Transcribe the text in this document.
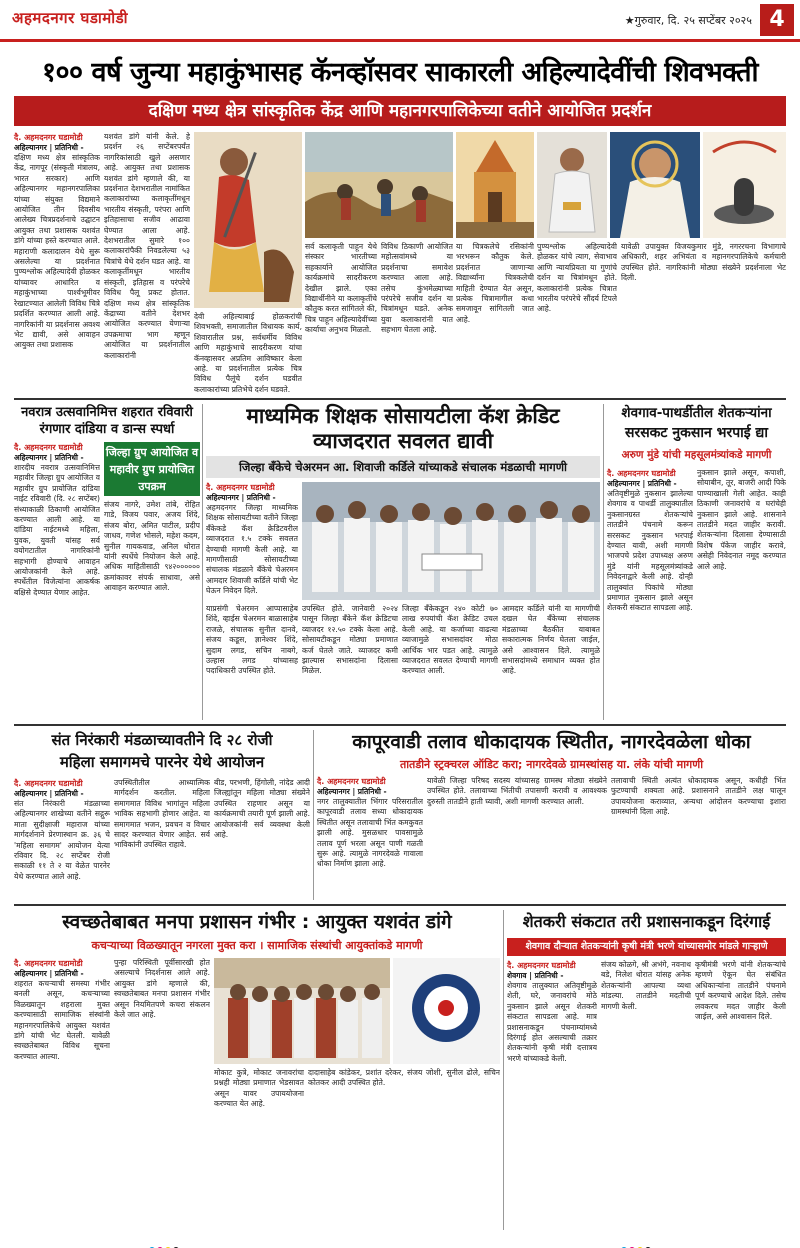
अहमदनगर घडामोडी	★गुरुवार, दि. २५ सप्टेंबर २०२५ 4
१०० वर्ष जुन्या महाकुंभासह कॅनव्हॉसवर साकारली अहिल्यादेवींची शिवभक्ती
दक्षिण मध्य क्षेत्र सांस्कृतिक केंद्र आणि महानगरपालिकेच्या वतीने आयोजित प्रदर्शन
दै. अहमदनगर घडामोडी
अहिल्यानगर | प्रतिनिधी -
दक्षिण मध्य क्षेत्र सांस्कृतिक केंद्र, नागपूर (संस्कृती मंत्रालय, भारत सरकार) आणि अहिल्यानगर महानगरपालिका यांच्या संयुक्त विद्यमाने आयोजित तीन दिवसीय आलेख्य चित्रप्रदर्शनाचे उद्घाटन आयुक्त तथा प्रशासक यशवंत डांगे यांच्या हस्ते करण्यात आले. महाराणी कलादालन येथे सुरू असलेल्या या प्रदर्शनात पुण्यश्लोक अहिल्यादेवी होळकर यांच्यावर आधारित व महाकुंभाच्या पार्श्वभूमीवर रेखाटण्यात आलेली विविध चित्रे प्रदर्शित करण्यात आली आहे. नागरिकांनी या प्रदर्शनास अवश्य भेट द्यावी, असे आवाहन आयुक्त तथा प्रशासक
यशवंत डांगे यांनी केले. हे प्रदर्शन २६ सप्टेंबरपर्यंत नागरिकांसाठी खुले असणार आहे. आयुक्त तथा प्रशासक यशवंत डांगे म्हणाले की, या प्रदर्शनात देशभरातील नामांकित कलाकारांच्या कलाकृतींमधून भारतीय संस्कृती, परंपरा आणि इतिहासाचा सजीव आढावा घेण्यात आला आहे. देशभरातील सुमारे १०० कलाकारांपैकी निवडलेल्या ५३ चित्रांचे येथे दर्शन घडत आहे. या कलाकृतींमधून भारतीय संस्कृती, इतिहास व परंपरेचे विविध पैलू प्रकट होतात. दक्षिण मध्य क्षेत्र सांस्कृतिक केंद्राच्या वतीने देशभर आयोजित करण्यात येणाऱ्या उपक्रमाचा भाग म्हणून आयोजित या प्रदर्शनातील कलाकारांनी
देवी अहिल्याबाई होळकरांची शिवभक्ती, समाजातील विधायक कार्य, शिवारातील प्रश्न, सर्वधर्मीय विविध आणि महाकुंभाचे सादरीकरण यांचा कॅनव्हासवर अप्रतिम आविष्कार केला आहे. या प्रदर्शनातील प्रत्येक चित्र विविध पैलूंचे दर्शन घडवीत कलाकारांच्या प्रतिभेचे दर्शन घडवते.
सर्व कलाकृती पाहून येथे संस्कार भारतीच्या सहकार्याने आयोजित कार्यक्रमांचे सादरीकरण देखील झाले. एका विद्यार्थीनीने या कलाकृतींचे कौतुक करत सांगितले की, चित्र पाहून अहिल्यादेवींच्या कार्याचा अनुभव मिळतो.
विविध ठिकाणी आयोजित महोत्सवांमध्ये या प्रदर्शनाचा समावेश करण्यात आला आहे. तसेच कुंभमेळ्याच्या परंपरेचे सजीव दर्शन या चित्रांमधून घडते. अनेक युवा कलाकारांनी यात सहभाग घेतला आहे.
या चित्रकलेचे रसिकांनी भरभरून कौतुक केले. प्रदर्शनात जाणाऱ्या विद्यार्थ्यांना चित्रकलेची माहिती देण्यात येत असून, प्रत्येक चित्रामागील कथा समजावून सांगितली जात आहे.
पुण्यश्लोक अहिल्यादेवी होळकर यांचे त्याग, सेवाभाव आणि न्यायप्रियता या गुणांचे दर्शन या चित्रांमधून होते. कलाकारांनी प्रत्येक चित्रात भारतीय परंपरेचे सौंदर्य टिपले आहे.
यावेळी उपायुक्त विजयकुमार मुंडे, नगररचना विभागाचे अधिकारी, शहर अभियंता व महानगरपालिकेचे कर्मचारी उपस्थित होते. नागरिकांनी मोठ्या संख्येने प्रदर्शनाला भेट दिली.
नवरात्र उत्सवानिमित्त शहरात रविवारी रंगणार दांडिया व डान्स स्पर्धा
जिल्हा ग्रुप आयोजित व महावीर ग्रुप प्रायोजित उपक्रम
दै. अहमदनगर घडामोडी
अहिल्यानगर | प्रतिनिधी -
शारदीय नवरात्र उत्सवानिमित्त महावीर जिल्हा ग्रुप आयोजित व महावीर ग्रुप प्रायोजित दांडिया नाईट रविवारी (दि. २८ सप्टेंबर) संध्याकाळी ठिकाणी आयोजित करण्यात आली आहे. या दांडिया नाईटमध्ये महिला, युवक, युवती यांसह सर्व वयोगटातील नागरिकांनी सहभागी होण्याचे आवाहन आयोजकांनी केले आहे. स्पर्धेतील विजेत्यांना आकर्षक बक्षिसे देण्यात येणार आहेत.
संजय नागरे, उमेश तांबे, रोहित गाडे, विजय पवार, अजय शिंदे, संजय बोरा, अमित पाटील, प्रदीप जाधव, गणेश भोसले, महेश कदम, सुनील गायकवाड, अनिल थोरात यांनी स्पर्धेचे नियोजन केले आहे. अधिक माहितीसाठी ९४२०००००० क्रमांकावर संपर्क साधावा, असे आवाहन करण्यात आले.
माध्यमिक शिक्षक सोसायटीला कॅश क्रेडिट व्याजदरात सवलत द्यावी
जिल्हा बँकेचे चेअरमन आ. शिवाजी कर्डिले यांच्याकडे संचालक मंडळाची मागणी
दै. अहमदनगर घडामोडी
अहिल्यानगर | प्रतिनिधी -
अहमदनगर जिल्हा माध्यमिक शिक्षक सोसायटीच्या वतीने जिल्हा बँकेकडे कॅश क्रेडिटवरील व्याजदरात १.५ टक्के सवलत देण्याची मागणी केली आहे. या मागणीसाठी सोसायटीच्या संचालक मंडळाने बँकेचे चेअरमन आमदार शिवाजी कर्डिले यांची भेट घेऊन निवेदन दिले.
याप्रसंगी चेअरमन आप्पासाहेब शिंदे, व्हाईस चेअरमन बाळासाहेब राजळे, संचालक सुनील दानवे, संजय कडूस, ज्ञानेश्वर शिंदे, सुदाम लगड, सचिन नाबगे, उल्हास लगड यांच्यासह पदाधिकारी उपस्थित होते.
उपस्थित होते. जानेवारी २०२४ पासून जिल्हा बँकेने कॅश क्रेडिटचा व्याजदर १२.५० टक्के केला आहे. सोसायटीकडून मोठ्या प्रमाणात कर्ज घेतले जाते. व्याजदर कमी झाल्यास सभासदांना दिलासा मिळेल.
जिल्हा बँकेकडून २४० कोटी ७० लाख रुपयांची कॅश क्रेडिट उचल केली आहे. या कर्जाच्या वाढत्या व्याजामुळे सभासदांवर मोठा आर्थिक भार पडत आहे. त्यामुळे व्याजदरात सवलत देण्याची मागणी करण्यात आली.
आमदार कर्डिले यांनी या मागणीची दखल घेत बँकेच्या संचालक मंडळाच्या बैठकीत याबाबत सकारात्मक निर्णय घेतला जाईल, असे आश्वासन दिले. त्यामुळे सभासदांमध्ये समाधान व्यक्त होत आहे.
शेवगाव-पाथर्डीतील शेतकऱ्यांना
सरसकट नुकसान भरपाई द्या
अरुण मुंडे यांची महसूलमंत्र्यांकडे मागणी
दै. अहमदनगर घडामोडी
अहिल्यानगर | प्रतिनिधी -
अतिवृष्टीमुळे नुकसान झालेल्या शेवगाव व पाथर्डी तालुक्यातील नुकसानग्रस्त शेतकऱ्यांचे तातडीने पंचनामे करून सरसकट नुकसान भरपाई देण्यात यावी, अशी मागणी भाजपचे प्रदेश उपाध्यक्ष अरुण मुंडे यांनी महसूलमंत्र्यांकडे निवेदनाद्वारे केली आहे. दोन्ही तालुक्यांत पिकांचे मोठ्या प्रमाणात नुकसान झाले असून शेतकरी संकटात सापडला आहे.
नुकसान झाले असून, कपाशी, सोयाबीन, तूर, बाजरी आदी पिके पाण्याखाली गेली आहेत. काही ठिकाणी जनावरांचे व घरांचेही नुकसान झाले आहे. शासनाने तातडीने मदत जाहीर करावी. शेतकऱ्यांना दिलासा देण्यासाठी विशेष पॅकेज जाहीर करावे, असेही निवेदनात नमूद करण्यात आले आहे.
संत निरंकारी मंडळाच्यावतीने दि २८ रोजी
महिला समागमचे पारनेर येथे आयोजन
दै. अहमदनगर घडामोडी
अहिल्यानगर | प्रतिनिधी -
संत निरंकारी मंडळाच्या अहिल्यानगर शाखेच्या वतीने सद्गुरू माता सुदीक्षाजी महाराज यांच्या मार्गदर्शनाने प्रेरणास्थान क्र. ३६ चे 'महिला समागम' आयोजन येत्या रविवार दि. २८ सप्टेंबर रोजी सकाळी ११ ते २ या वेळेत पारनेर येथे करण्यात आले आहे.
उपस्थितीतील आध्यात्मिक मार्गदर्शन करतील. महिला समागमात विविध भागांतून महिला भाविक सहभागी होणार आहेत. या समागमात भजन, प्रवचन व विचार सादर करण्यात येणार आहेत. सर्व भाविकांनी उपस्थित राहावे.
बीड, परभणी, हिंगोली, नांदेड आदी जिल्ह्यांतून महिला मोठ्या संख्येने उपस्थित राहणार असून या कार्यक्रमाची तयारी पूर्ण झाली आहे. आयोजकांनी सर्व व्यवस्था केली आहे.
कापूरवाडी तलाव धोकादायक स्थितीत, नागरदेवळेला धोका
तातडीने स्ट्रक्चरल ऑडिट करा; नागरदेवळे ग्रामस्थांसह या. लंके यांची मागणी
दै. अहमदनगर घडामोडी
अहिल्यानगर | प्रतिनिधी -
नगर तालुक्यातील भिंगार परिसरातील कापूरवाडी तलाव सध्या धोकादायक स्थितीत असून तलावाची भिंत कमकुवत झाली आहे. मुसळधार पावसामुळे तलाव पूर्ण भरला असून पाणी गळती सुरू आहे. त्यामुळे नागरदेवळे गावाला धोका निर्माण झाला आहे.
यावेळी जिल्हा परिषद सदस्य यांच्यासह ग्रामस्थ मोठ्या संख्येने उपस्थित होते. तलावाच्या भिंतीची तपासणी करावी व आवश्यक दुरुस्ती तातडीने हाती घ्यावी, अशी मागणी करण्यात आली.
तलावाची स्थिती अत्यंत धोकादायक असून, कधीही भिंत फुटण्याची शक्यता आहे. प्रशासनाने तातडीने लक्ष घालून उपाययोजना कराव्यात, अन्यथा आंदोलन करण्याचा इशारा ग्रामस्थांनी दिला आहे.
स्वच्छतेबाबत मनपा प्रशासन गंभीर : आयुक्त यशवंत डांगे
कचऱ्याच्या विळख्यातून नगरला मुक्त करा । सामाजिक संस्थांची आयुक्तांकडे मागणी
दै. अहमदनगर घडामोडी
अहिल्यानगर | प्रतिनिधी -
शहरात कचऱ्याची समस्या गंभीर बनली असून, कचऱ्याच्या विळख्यातून शहराला मुक्त करण्यासाठी सामाजिक संस्थांनी महानगरपालिकेचे आयुक्त यशवंत डांगे यांची भेट घेतली. यावेळी स्वच्छतेबाबत विविध सूचना करण्यात आल्या.
पुन्हा परिस्थिती पूर्वीसारखी होत असल्याचे निदर्शनास आले आहे. आयुक्त डांगे म्हणाले की, स्वच्छतेबाबत मनपा प्रशासन गंभीर असून नियमितपणे कचरा संकलन केले जात आहे.
मोकाट कुत्रे, मोकाट जनावरांचा प्रश्नही मोठ्या प्रमाणात भेडसावत असून यावर उपाययोजना करण्यात येत आहे.
दादासाहेब कांडेकर, प्रशांत दरेकर, संजय जोशी, सुनील ढोले, सचिन कोतकर आदी उपस्थित होते.
शेतकरी संकटात तरी प्रशासनाकडून दिरंगाई
शेवगाव दौऱ्यात शेतकऱ्यांनी कृषी मंत्री भरणे यांच्यासमोर मांडले गाऱ्हाणे
दै. अहमदनगर घडामोडी
शेवगाव | प्रतिनिधी -
शेवगाव तालुक्यात अतिवृष्टीमुळे शेती, घरे, जनावरांचे मोठे नुकसान झाले असून शेतकरी संकटात सापडला आहे. मात्र प्रशासनाकडून पंचनाम्यांमध्ये दिरंगाई होत असल्याची तक्रार शेतकऱ्यांनी कृषी मंत्री दत्तात्रय भरणे यांच्याकडे केली.
संजय कोळगे, श्री अभंगे, नवनाथ बडे, निलेश थोरात यांसह अनेक शेतकऱ्यांनी आपल्या व्यथा मांडल्या. तातडीने मदतीची मागणी केली.
कृषीमंत्री भरणे यांनी शेतकऱ्यांचे म्हणणे ऐकून घेत संबंधित अधिकाऱ्यांना तातडीने पंचनामे पूर्ण करण्याचे आदेश दिले. तसेच लवकरच मदत जाहीर केली जाईल, असे आश्वासन दिले.
